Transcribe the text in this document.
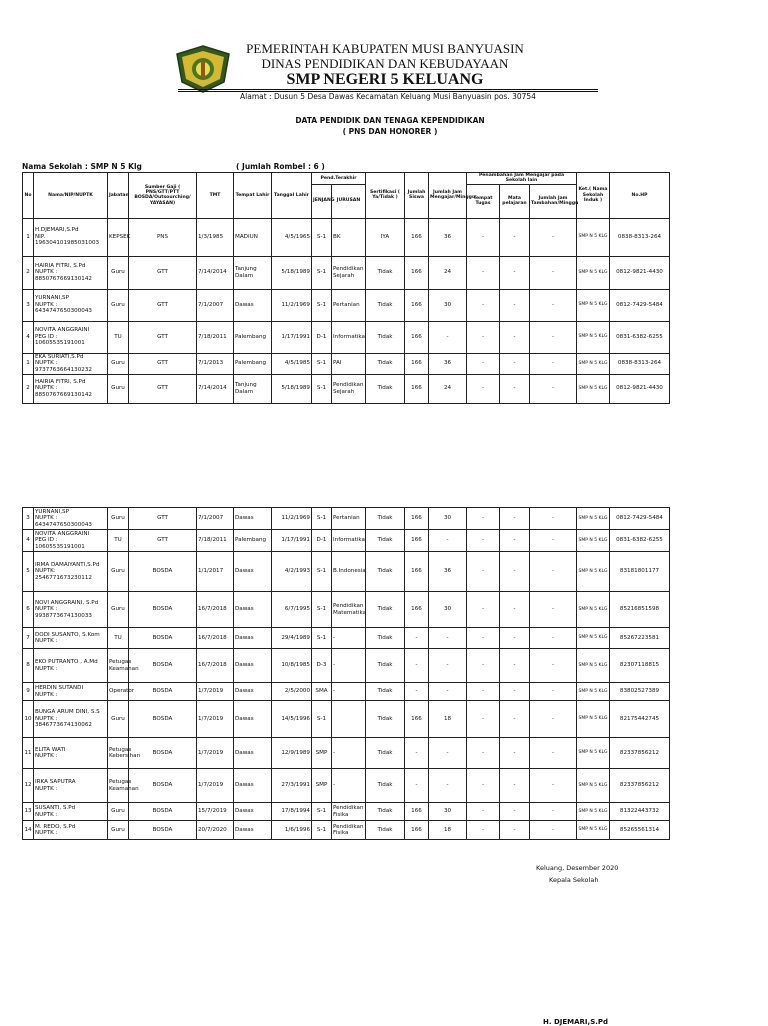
PEMERINTAH KABUPATEN MUSI BANYUASIN
DINAS PENDIDIKAN DAN KEBUDAYAAN
SMP NEGERI 5 KELUANG
Alamat : Dusun 5 Desa Dawas Kecamatan Keluang Musi Banyuasin pos. 30754
DATA PENDIDIK DAN TENAGA KEPENDIDIKAN
( PNS DAN HONORER )
Nama Sekolah : SMP N 5 Klg	( Jumlah Rombel : 6 )
No	Nama/NIP/NUPTK	Jabatan	Sumber Gaji ( PNS/GTT/PTT BOSDA/Outsourching/ YAYASAN)	TMT	Tempat Lahir	Tanggal Lahir	Pend.Terakhir		Sertifikasi ( Ya/Tidak )	Jumlah Siswa	Jumlah Jam Mengajar/Minggu	Penambahan Jam Mengajar pada Sekolah lain			Ket.( Nama Sekolah Induk )	No.HP
							JENJANG	JURUSAN				Tempat Tugas	Mata pelajaran	Jumlah Jam Tambahan/Minggu		
1	H.DJEMARI,S.Pd
NIP. 196304101985031003	KEPSEK	PNS	1/3/1985	MADIUN	4/5/1965	S-1	BK	IYA	166	36	-	-	-	SMP N 5 KLG	0838-8313-264
2	HAIRIA FITRI, S.Pd
NUPTK : 8850767669130142	Guru	GTT	7/14/2014	Tanjung Dalam	5/18/1989	S-1	Pendidikan Sejarah	Tidak	166	24	-	-	-	SMP N 5 KLG	0812-9821-4430
3	YURNANI,SP
NUPTK : 6434747650300043	Guru	GTT	7/1/2007	Dawas	11/2/1969	S-1	Pertanian	Tidak	166	30	-	-	-	SMP N 5 KLG	0812-7429-5484
4	NOVITA ANGGRAINI
PEG ID : 10605535191001	TU	GTT	7/18/2011	Palembang	1/17/1991	D-1	Informatika	Tidak	166	-	-	-	-	SMP N 5 KLG	0831-6382-6255
1	EKA SURIATI,S.Pd
NUPTK : 9737763664130232	Guru	GTT	7/1/2013	Palembang	4/5/1985	S-1	PAI	Tidak	166	36	-	-	-	SMP N 5 KLG	0838-8313-264
2	HAIRIA FITRI, S.Pd
NUPTK : 8850767669130142	Guru	GTT	7/14/2014	Tanjung Dalam	5/18/1989	S-1	Pendidikan Sejarah	Tidak	166	24	-	-	-	SMP N 5 KLG	0812-9821-4430
3	YURNANI,SP
NUPTK : 6434747650300043	Guru	GTT	7/1/2007	Dawas	11/2/1969	S-1	Pertanian	Tidak	166	30	-	-	-	SMP N 5 KLG	0812-7429-5484
4	NOVITA ANGGRAINI
PEG ID : 10605535191001	TU	GTT	7/18/2011	Palembang	1/17/1991	D-1	Informatika	Tidak	166	-	-	-	-	SMP N 5 KLG	0831-6382-6255
5	IRMA DAMAIYANTI,S.Pd
NUPTK: 2546771673230112	Guru	BOSDA	1/1/2017	Dawas	4/2/1993	S-1	B.Indonesia	Tidak	166	36	-	-	-	SMP N 5 KLG	83181801177
6	NOVI ANGGRAINI, S.Pd
NUPTK : 9938773674130033	Guru	BOSDA	16/7/2018	Dawas	6/7/1995	S-1	Pendidikan Matematika	Tidak	166	30	-	-	-	SMP N 5 KLG	85216851598
7	DODI SUSANTO, S.Kom
NUPTK :	TU	BOSDA	16/7/2018	Dawas	29/4/1989	S-1	-	Tidak	-	-	-	-	-	SMP N 5 KLG	85267223581
8	EKO PUTRANTO , A.Md
NUPTK :	Petugas Keamanan	BOSDA	16/7/2018	Dawas	10/8/1985	D-3	-	Tidak	-	-	-	-	-	SMP N 5 KLG	82307118815
9	HERDIN SUTANDI
NUPTK :	Operator	BOSDA	1/7/2019	Dawas	2/5/2000	SMA	-	Tidak	-	-	-	-	-	SMP N 5 KLG	83802527389
10	BUNGA ARUM DINI, S.S
NUPTK : 3846773674130062	Guru	BOSDA	1/7/2019	Dawas	14/5/1996	S-1		Tidak	166	18	-	-	-	SMP N 5 KLG	82175442745
11	ELITA WATI
NUPTK :	Petugas Kebersihan	BOSDA	1/7/2019	Dawas	12/9/1989	SMP	-	Tidak	-	-	-	-	-	SMP N 5 KLG	82337856212
12	IRKA SAPUTRA
NUPTK :	Petugas Keamanan	BOSDA	1/7/2019	Dawas	27/3/1991	SMP	-	Tidak	-	-	-	-	-	SMP N 5 KLG	82337856212
13	SUSANTI, S.Pd
NUPTK :	Guru	BOSDA	15/7/2019	Dawas	17/8/1994	S-1	Pendidikan Fisika	Tidak	166	30	-	-	-	SMP N 5 KLG	81322443732
14	M. REDO, S.Pd
NUPTK :	Guru	BOSDA	20/7/2020	Dawas	1/6/1996	S-1	Pendidikan Fisika	Tidak	166	18	-	-	-	SMP N 5 KLG	85265561314
Keluang, Desember 2020
Kepala Sekolah
H. DJEMARI,S.Pd
